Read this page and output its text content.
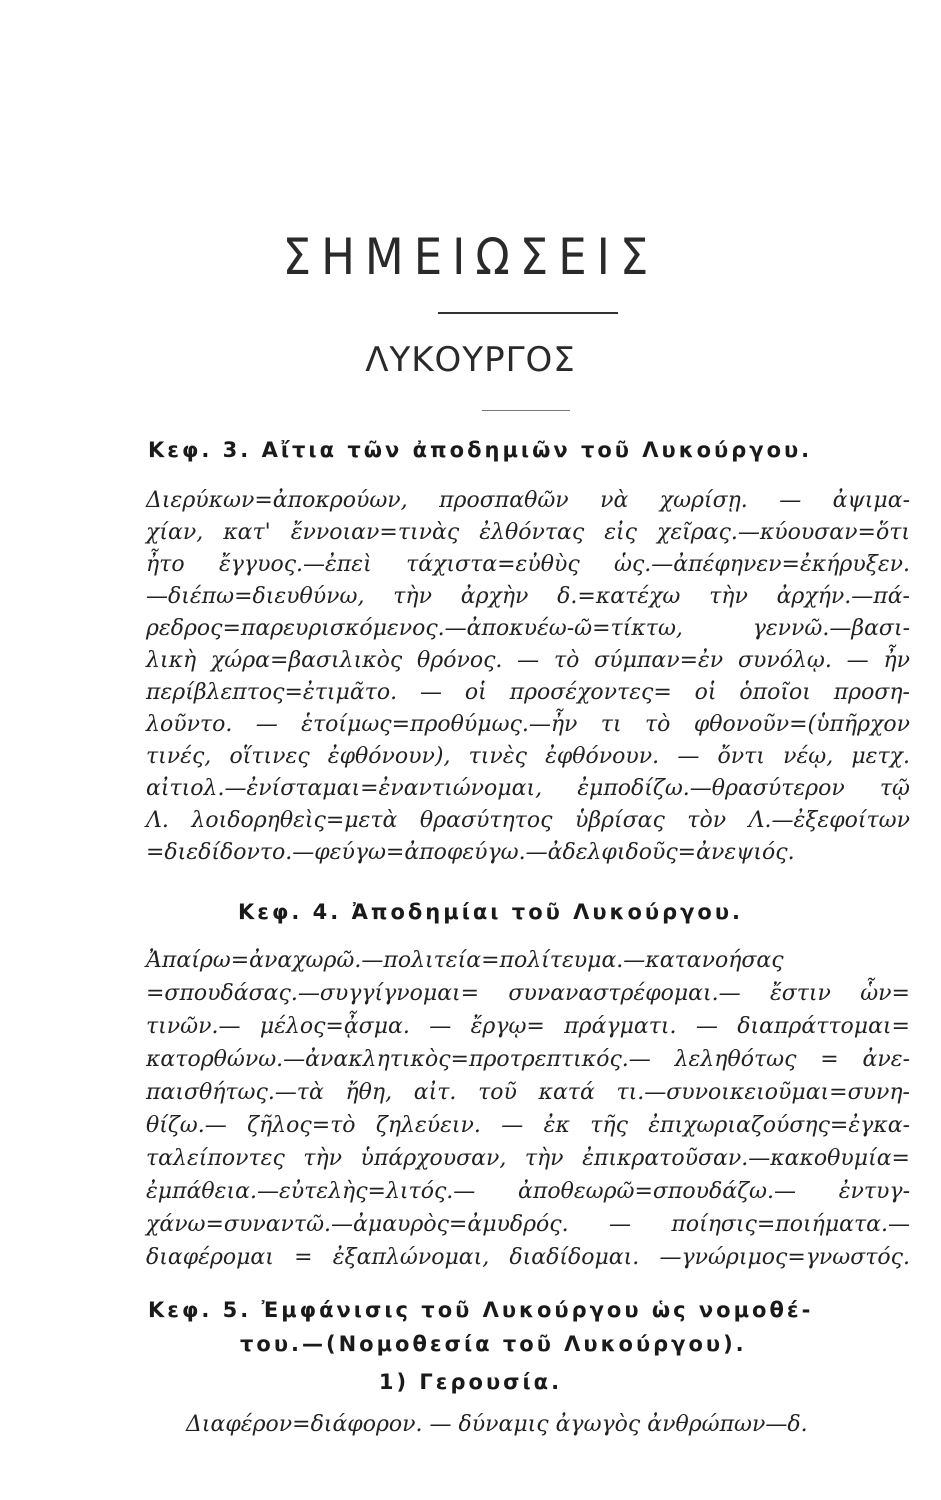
ΣΗΜΕΙΩΣΕΙΣ
ΛΥΚΟΥΡΓΟΣ
Κεφ. 3. Αἴτια τῶν ἀποδημιῶν τοῦ Λυκούργου.
Διερύκων=ἀποκρούων, προσπαθῶν νὰ χωρίσῃ. — ἀψιμα-
χίαν, κατ' ἔννοιαν=τινὰς ἐλθόντας εἰς χεῖρας.—κύουσαν=ὅτι
ἦτο ἔγγυος.—ἐπεὶ τάχιστα=εὐθὺς ὡς.—ἀπέφηνεν=ἐκήρυξεν.
—διέπω=διευθύνω, τὴν ἀρχὴν δ.=κατέχω τὴν ἀρχήν.—πά-
ρεδρος=παρευρισκόμενος.—ἀποκυέω-ῶ=τίκτω, γεννῶ.—βασι-
λικὴ χώρα=βασιλικὸς θρόνος. — τὸ σύμπαν=ἐν συνόλῳ. — ἦν
περίβλεπτος=ἐτιμᾶτο. — οἱ προσέχοντες= οἱ ὁποῖοι προση-
λοῦντο. — ἑτοίμως=προθύμως.—ἦν τι τὸ φθονοῦν=(ὑπῆρχον
τινές, οἵτινες ἐφθόνουν), τινὲς ἐφθόνουν. — ὄντι νέῳ, μετχ.
αἰτιολ.—ἐνίσταμαι=ἐναντιώνομαι, ἐμποδίζω.—θρασύτερον τῷ
Λ. λοιδορηθεὶς=μετὰ θρασύτητος ὑβρίσας τὸν Λ.—ἐξεφοίτων
=διεδίδοντο.—φεύγω=ἀποφεύγω.—ἀδελφιδοῦς=ἀνεψιός.
Κεφ. 4. Ἀποδημίαι τοῦ Λυκούργου.
Ἀπαίρω=ἀναχωρῶ.—πολιτεία=πολίτευμα.—κατανοήσας
=σπουδάσας.—συγγίγνομαι= συναναστρέφομαι.— ἔστιν ὧν=
τινῶν.— μέλος=ᾆσμα. — ἔργῳ= πράγματι. — διαπράττομαι=
κατορθώνω.—ἀνακλητικὸς=προτρεπτικός.— λεληθότως = ἀνε-
παισθήτως.—τὰ ἤθη, αἰτ. τοῦ κατά τι.—συνοικειοῦμαι=συνη-
θίζω.— ζῆλος=τὸ ζηλεύειν. — ἐκ τῆς ἐπιχωριαζούσης=ἐγκα-
ταλείποντες τὴν ὑπάρχουσαν, τὴν ἐπικρατοῦσαν.—κακοθυμία=
ἐμπάθεια.—εὐτελὴς=λιτός.— ἀποθεωρῶ=σπουδάζω.— ἐντυγ-
χάνω=συναντῶ.—ἀμαυρὸς=ἀμυδρός. — ποίησις=ποιήματα.—
διαφέρομαι = ἐξαπλώνομαι, διαδίδομαι. —γνώριμος=γνωστός.
Κεφ. 5. Ἐμφάνισις τοῦ Λυκούργου ὡς νομοθέ-
του.—(Νομοθεσία τοῦ Λυκούργου).
1) Γερουσία.
Διαφέρον=διάφορον. — δύναμις ἀγωγὸς ἀνθρώπων—δ.
